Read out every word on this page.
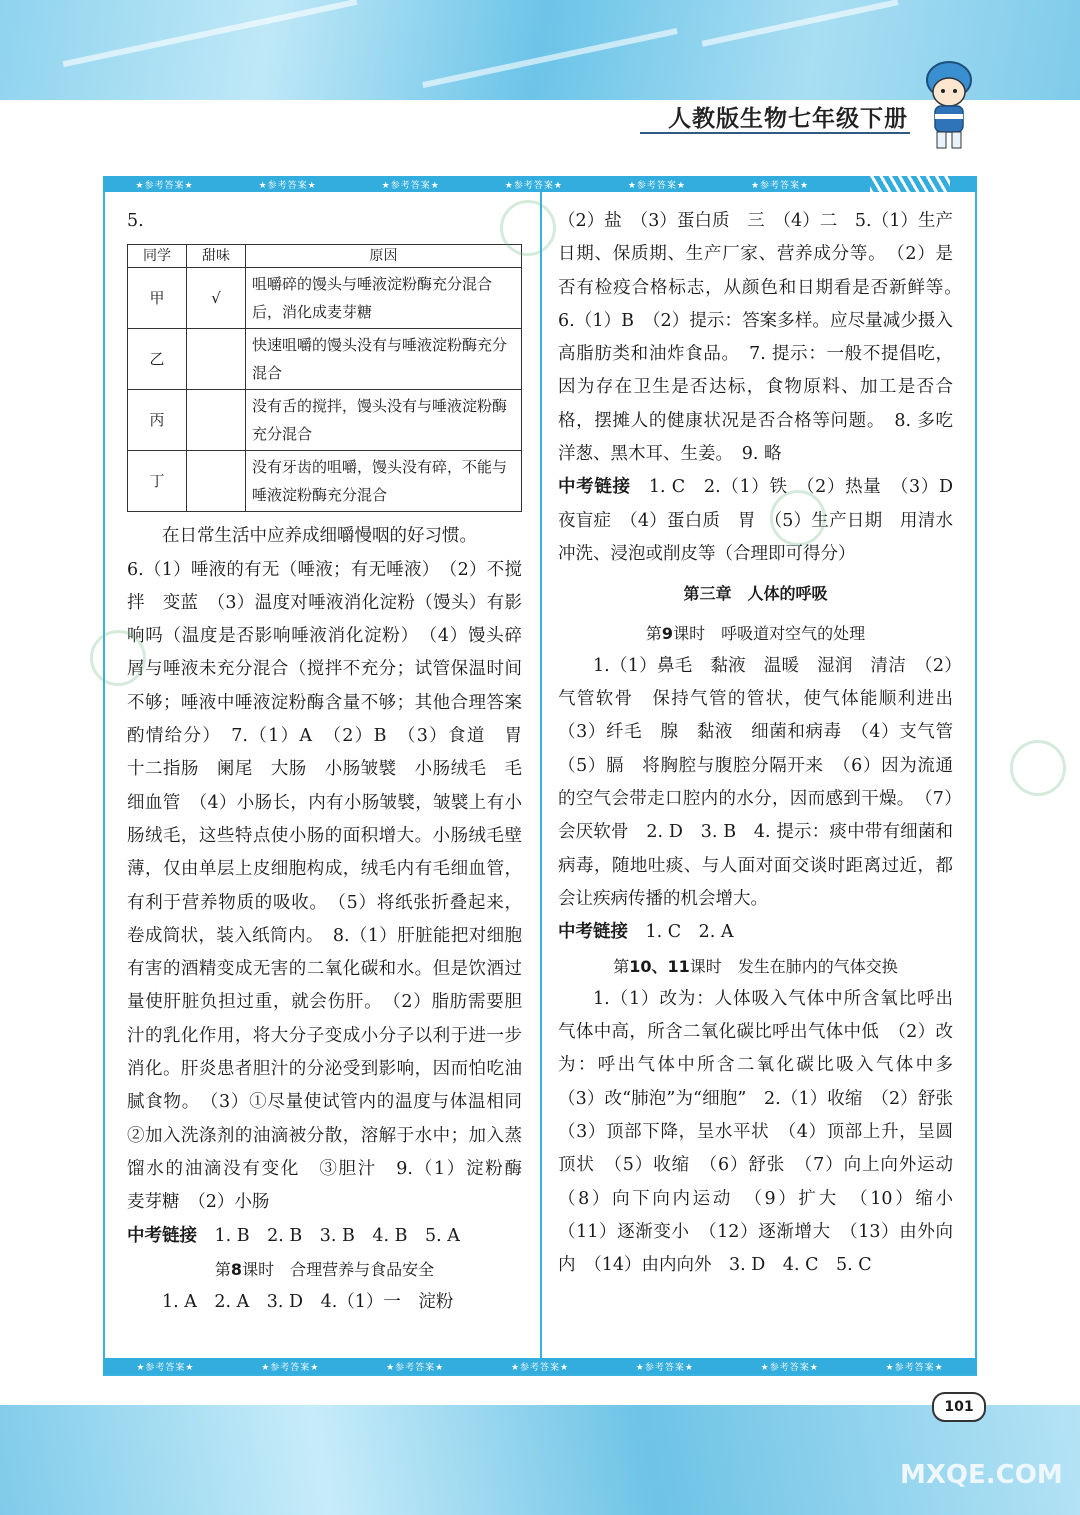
人教版生物七年级下册
★参考答案★	★参考答案★	★参考答案★	★参考答案★	★参考答案★	★参考答案★

5.

同学	甜味	原因
甲	√	咀嚼碎的馒头与唾液淀粉酶充分混合后，消化成麦芽糖
乙		快速咀嚼的馒头没有与唾液淀粉酶充分混合
丙		没有舌的搅拌，馒头没有与唾液淀粉酶充分混合
丁		没有牙齿的咀嚼，馒头没有碎，不能与唾液淀粉酶充分混合

在日常生活中应养成细嚼慢咽的好习惯。

6.（1）唾液的有无（唾液；有无唾液）　（2）不搅拌　变蓝　（3）温度对唾液消化淀粉（馒头）有影响吗（温度是否影响唾液消化淀粉）　（4）馒头碎屑与唾液未充分混合（搅拌不充分；试管保温时间不够；唾液中唾液淀粉酶含量不够；其他合理答案酌情给分）　7.（1）A　（2）B　（3）食道　胃　十二指肠　阑尾　大肠　小肠皱襞　小肠绒毛　毛细血管　（4）小肠长，内有小肠皱襞，皱襞上有小肠绒毛，这些特点使小肠的面积增大。小肠绒毛壁薄，仅由单层上皮细胞构成，绒毛内有毛细血管，有利于营养物质的吸收。　（5）将纸张折叠起来，卷成筒状，装入纸筒内。　8.（1）肝脏能把对细胞有害的酒精变成无害的二氧化碳和水。但是饮酒过量使肝脏负担过重，就会伤肝。　（2）脂肪需要胆汁的乳化作用，将大分子变成小分子以利于进一步消化。肝炎患者胆汁的分泌受到影响，因而怕吃油腻食物。　（3）①尽量使试管内的温度与体温相同　②加入洗涤剂的油滴被分散，溶解于水中；加入蒸馏水的油滴没有变化　③胆汁　9.（1）淀粉酶　麦芽糖　（2）小肠

中考链接　 1. B　2. B　3. B　4. B　5. A

第8课时　合理营养与食品安全

1. A　2. A　3. D　4.（1）一　淀粉

（2）盐　（3）蛋白质　三　（4）二　5.（1）生产日期、保质期、生产厂家、营养成分等。　（2）是否有检疫合格标志，从颜色和日期看是否新鲜等。　6.（1）B　（2）提示：答案多样。应尽量减少摄入高脂肪类和油炸食品。　7. 提示：一般不提倡吃，因为存在卫生是否达标，食物原料、加工是否合格，摆摊人的健康状况是否合格等问题。　8. 多吃洋葱、黑木耳、生姜。　9. 略

中考链接　 1. C　2.（1）铁　（2）热量　（3）D　夜盲症　（4）蛋白质　胃　（5）生产日期　用清水冲洗、浸泡或削皮等（合理即可得分）

第三章　人体的呼吸

第9课时　呼吸道对空气的处理

1.（1）鼻毛　黏液　温暖　湿润　清洁　（2）气管软骨　保持气管的管状，使气体能顺利进出　（3）纤毛　腺　黏液　细菌和病毒　（4）支气管　（5）膈　将胸腔与腹腔分隔开来　（6）因为流通的空气会带走口腔内的水分，因而感到干燥。　（7）会厌软骨　2. D　3. B　4. 提示：痰中带有细菌和病毒，随地吐痰、与人面对面交谈时距离过近，都会让疾病传播的机会增大。

中考链接　 1. C　2. A

第10、11课时　发生在肺内的气体交换

1.（1）改为：人体吸入气体中所含氧比呼出气体中高，所含二氧化碳比呼出气体中低　（2）改为：呼出气体中所含二氧化碳比吸入气体中多　（3）改“肺泡”为“细胞”　2.（1）收缩　（2）舒张　（3）顶部下降，呈水平状　（4）顶部上升，呈圆顶状　（5）收缩　（6）舒张　（7）向上向外运动　（8）向下向内运动　（9）扩大　（10）缩小　（11）逐渐变小　（12）逐渐增大　（13）由外向内　（14）由内向外　3. D　4. C　5. C

★参考答案★	★参考答案★	★参考答案★	★参考答案★	★参考答案★	★参考答案★	★参考答案★
101
MXQE.COM
